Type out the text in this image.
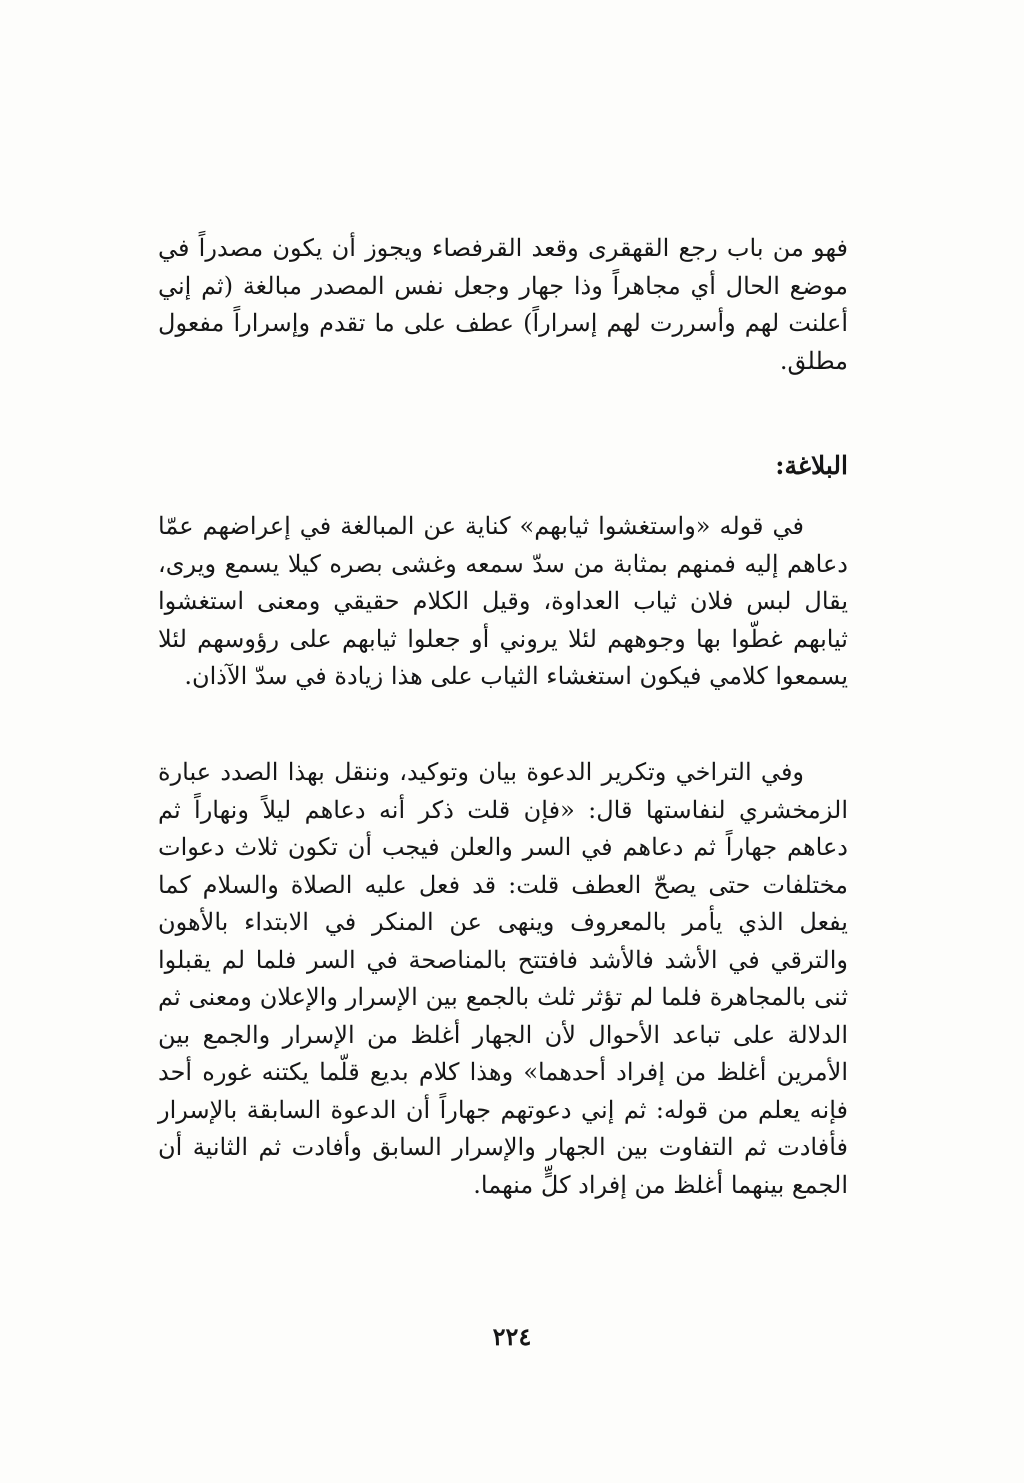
فهو من باب رجع القهقرى وقعد القرفصاء ويجوز أن يكون مصدراً في موضع الحال أي مجاهراً وذا جهار وجعل نفس المصدر مبالغة (ثم إني أعلنت لهم وأسررت لهم إسراراً) عطف على ما تقدم وإسراراً مفعول مطلق.

البلاغة:

في قوله «واستغشوا ثيابهم» كناية عن المبالغة في إعراضهم عمّا دعاهم إليه فمنهم بمثابة من سدّ سمعه وغشى بصره كيلا يسمع ويرى، يقال لبس فلان ثياب العداوة، وقيل الكلام حقيقي ومعنى استغشوا ثيابهم غطّوا بها وجوههم لئلا يروني أو جعلوا ثيابهم على رؤوسهم لئلا يسمعوا كلامي فيكون استغشاء الثياب على هذا زيادة في سدّ الآذان.

وفي التراخي وتكرير الدعوة بيان وتوكيد، وننقل بهذا الصدد عبارة الزمخشري لنفاستها قال: «فإن قلت ذكر أنه دعاهم ليلاً ونهاراً ثم دعاهم جهاراً ثم دعاهم في السر والعلن فيجب أن تكون ثلاث دعوات مختلفات حتى يصحّ العطف قلت: قد فعل عليه الصلاة والسلام كما يفعل الذي يأمر بالمعروف وينهى عن المنكر في الابتداء بالأهون والترقي في الأشد فالأشد فافتتح بالمناصحة في السر فلما لم يقبلوا ثنى بالمجاهرة فلما لم تؤثر ثلث بالجمع بين الإسرار والإعلان ومعنى ثم الدلالة على تباعد الأحوال لأن الجهار أغلظ من الإسرار والجمع بين الأمرين أغلظ من إفراد أحدهما» وهذا كلام بديع قلّما يكتنه غوره أحد فإنه يعلم من قوله: ثم إني دعوتهم جهاراً أن الدعوة السابقة بالإسرار فأفادت ثم التفاوت بين الجهار والإسرار السابق وأفادت ثم الثانية أن الجمع بينهما أغلظ من إفراد كلٍّ منهما.

٢٢٤
